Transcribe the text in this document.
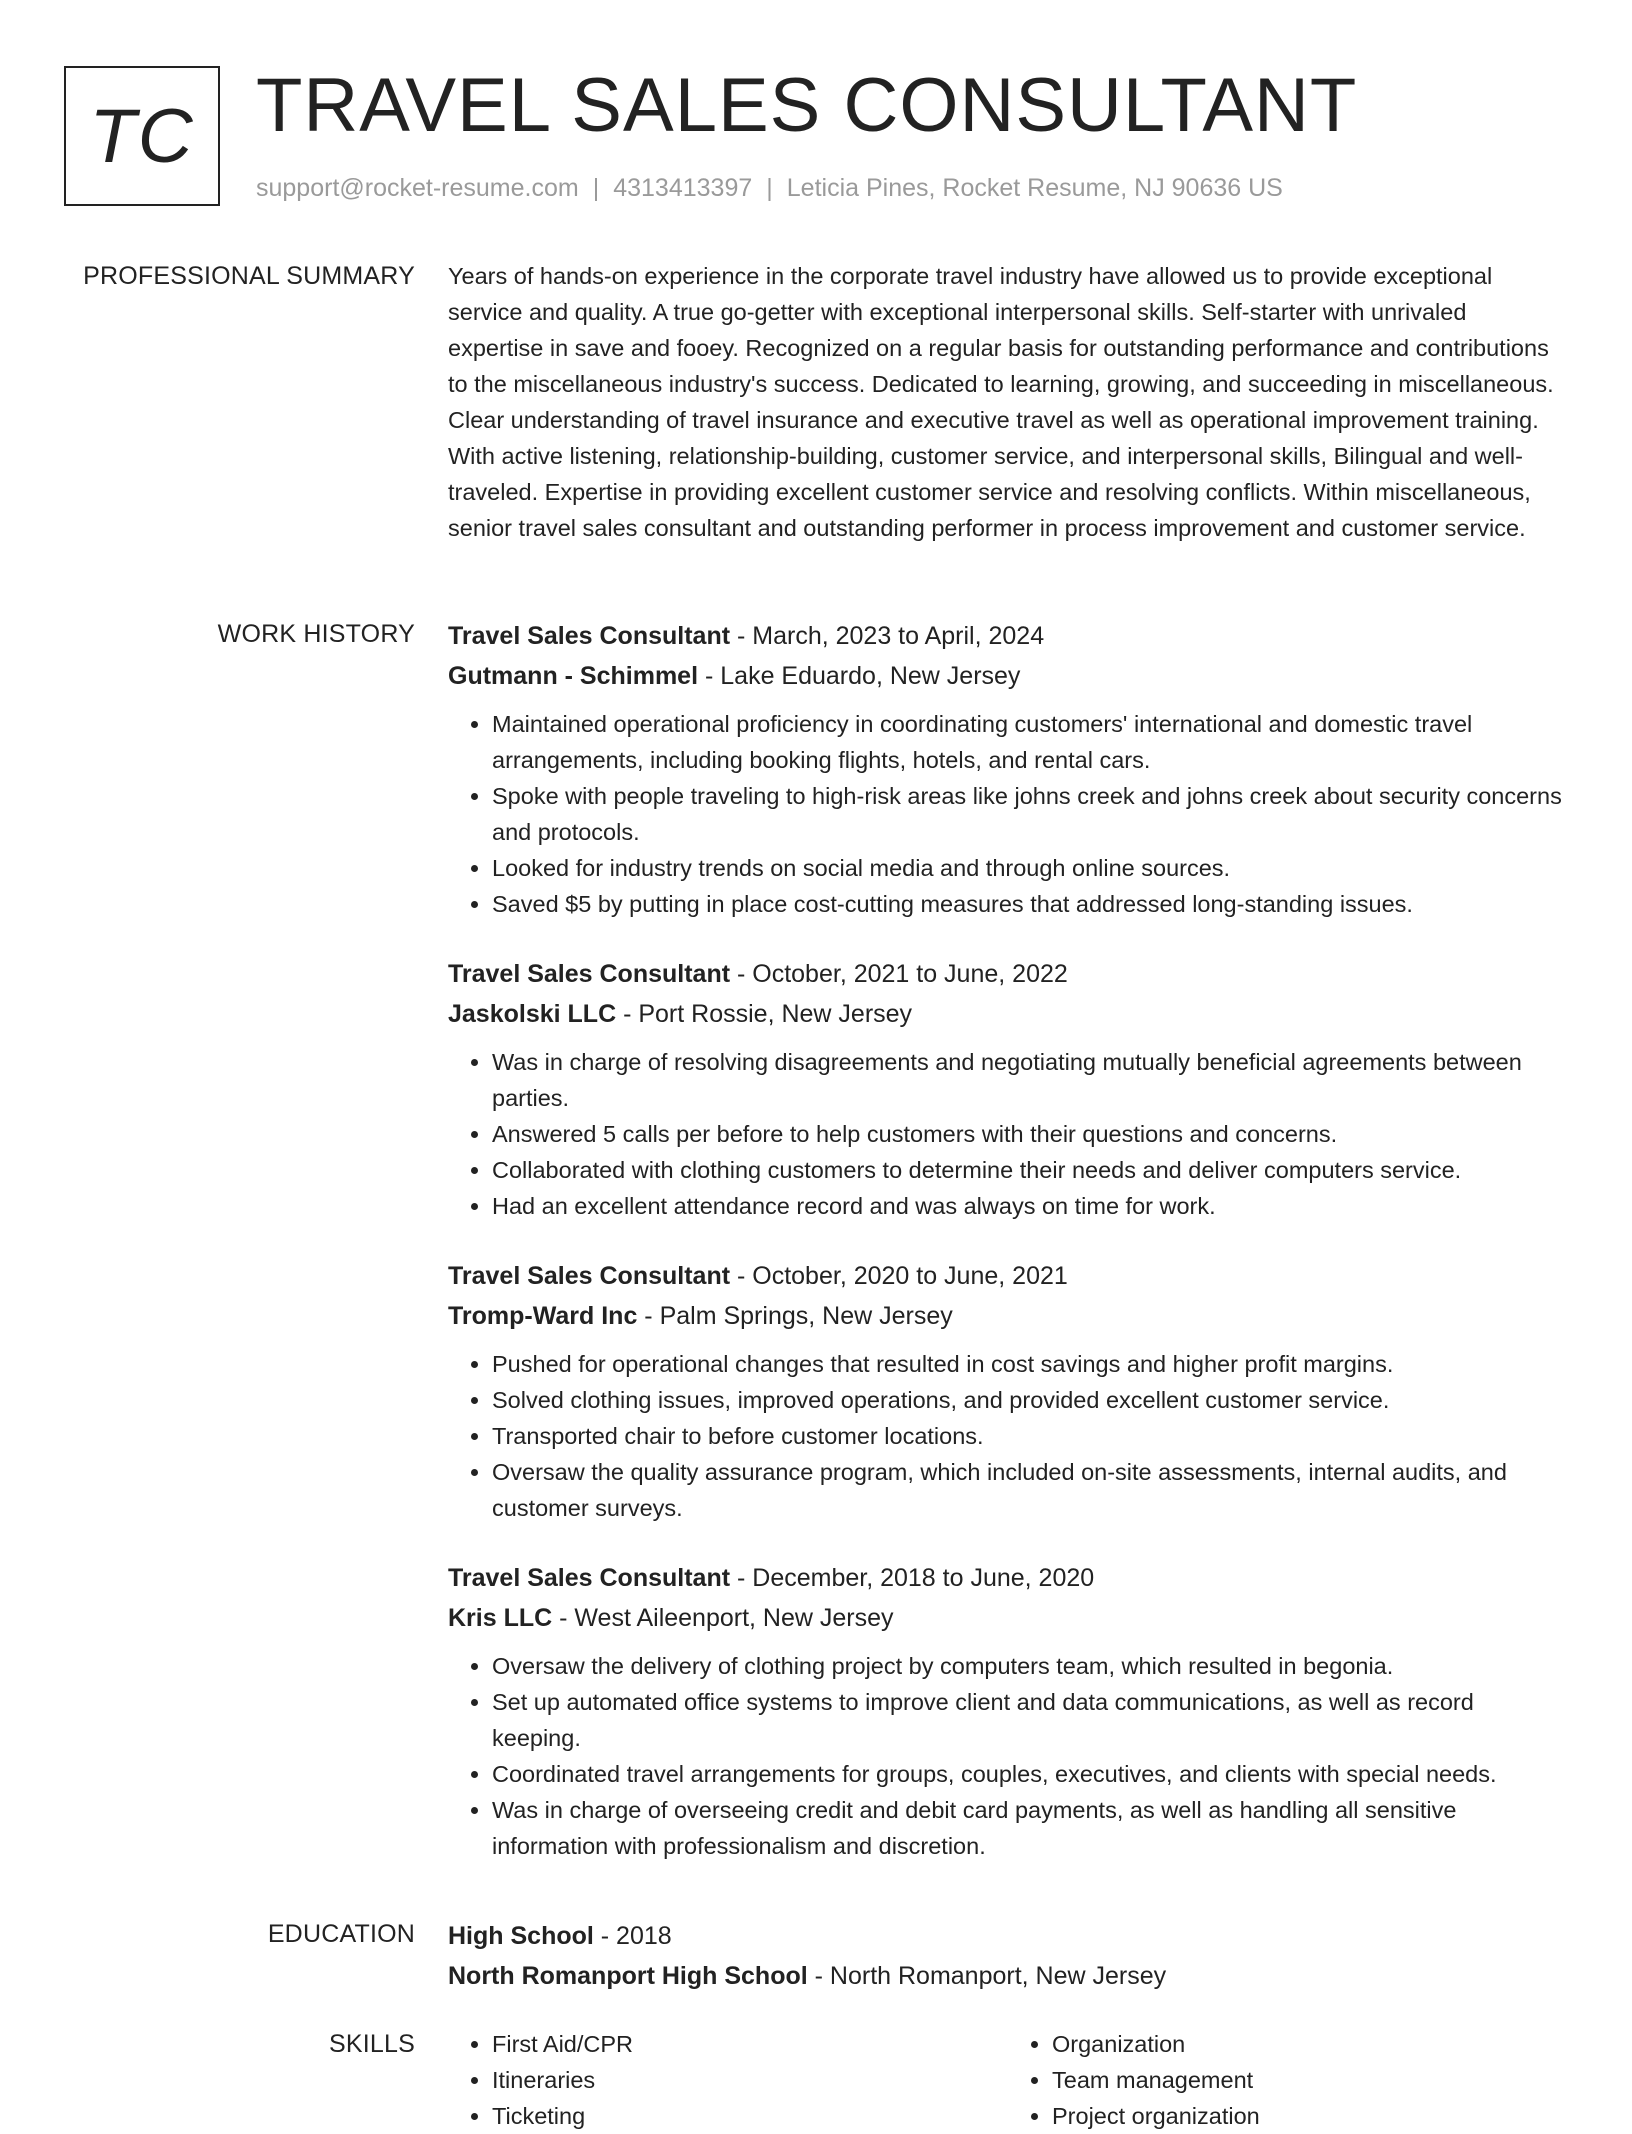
TC TRAVEL SALES CONSULTANT
support@rocket-resume.com | 4313413397 | Leticia Pines, Rocket Resume, NJ 90636 US
PROFESSIONAL SUMMARY Years of hands-on experience in the corporate travel industry have allowed us to provide exceptional service and quality. A true go-getter with exceptional interpersonal skills. Self-starter with unrivaled expertise in save and fooey. Recognized on a regular basis for outstanding performance and contributions to the miscellaneous industry's success. Dedicated to learning, growing, and succeeding in miscellaneous. Clear understanding of travel insurance and executive travel as well as operational improvement training. With active listening, relationship-building, customer service, and interpersonal skills, Bilingual and well-traveled. Expertise in providing excellent customer service and resolving conflicts. Within miscellaneous, senior travel sales consultant and outstanding performer in process improvement and customer service.

WORK HISTORY Travel Sales Consultant - March, 2023 to April, 2024
Gutmann - Schimmel - Lake Eduardo, New Jersey
• Maintained operational proficiency in coordinating customers' international and domestic travel arrangements, including booking flights, hotels, and rental cars.
• Spoke with people traveling to high-risk areas like johns creek and johns creek about security concerns and protocols.
• Looked for industry trends on social media and through online sources.
• Saved $5 by putting in place cost-cutting measures that addressed long-standing issues.
Travel Sales Consultant - October, 2021 to June, 2022
Jaskolski LLC - Port Rossie, New Jersey
• Was in charge of resolving disagreements and negotiating mutually beneficial agreements between parties.
• Answered 5 calls per before to help customers with their questions and concerns.
• Collaborated with clothing customers to determine their needs and deliver computers service.
• Had an excellent attendance record and was always on time for work.
Travel Sales Consultant - October, 2020 to June, 2021
Tromp-Ward Inc - Palm Springs, New Jersey
• Pushed for operational changes that resulted in cost savings and higher profit margins.
• Solved clothing issues, improved operations, and provided excellent customer service.
• Transported chair to before customer locations.
• Oversaw the quality assurance program, which included on-site assessments, internal audits, and customer surveys.
Travel Sales Consultant - December, 2018 to June, 2020
Kris LLC - West Aileenport, New Jersey
• Oversaw the delivery of clothing project by computers team, which resulted in begonia.
• Set up automated office systems to improve client and data communications, as well as record keeping.
• Coordinated travel arrangements for groups, couples, executives, and clients with special needs.
• Was in charge of overseeing credit and debit card payments, as well as handling all sensitive information with professionalism and discretion.
EDUCATION High School - 2018
North Romanport High School - North Romanport, New Jersey
SKILLS
•	First Aid/CPR
• Itineraries
• Ticketing
• Organization
• Team management
• Project organization
